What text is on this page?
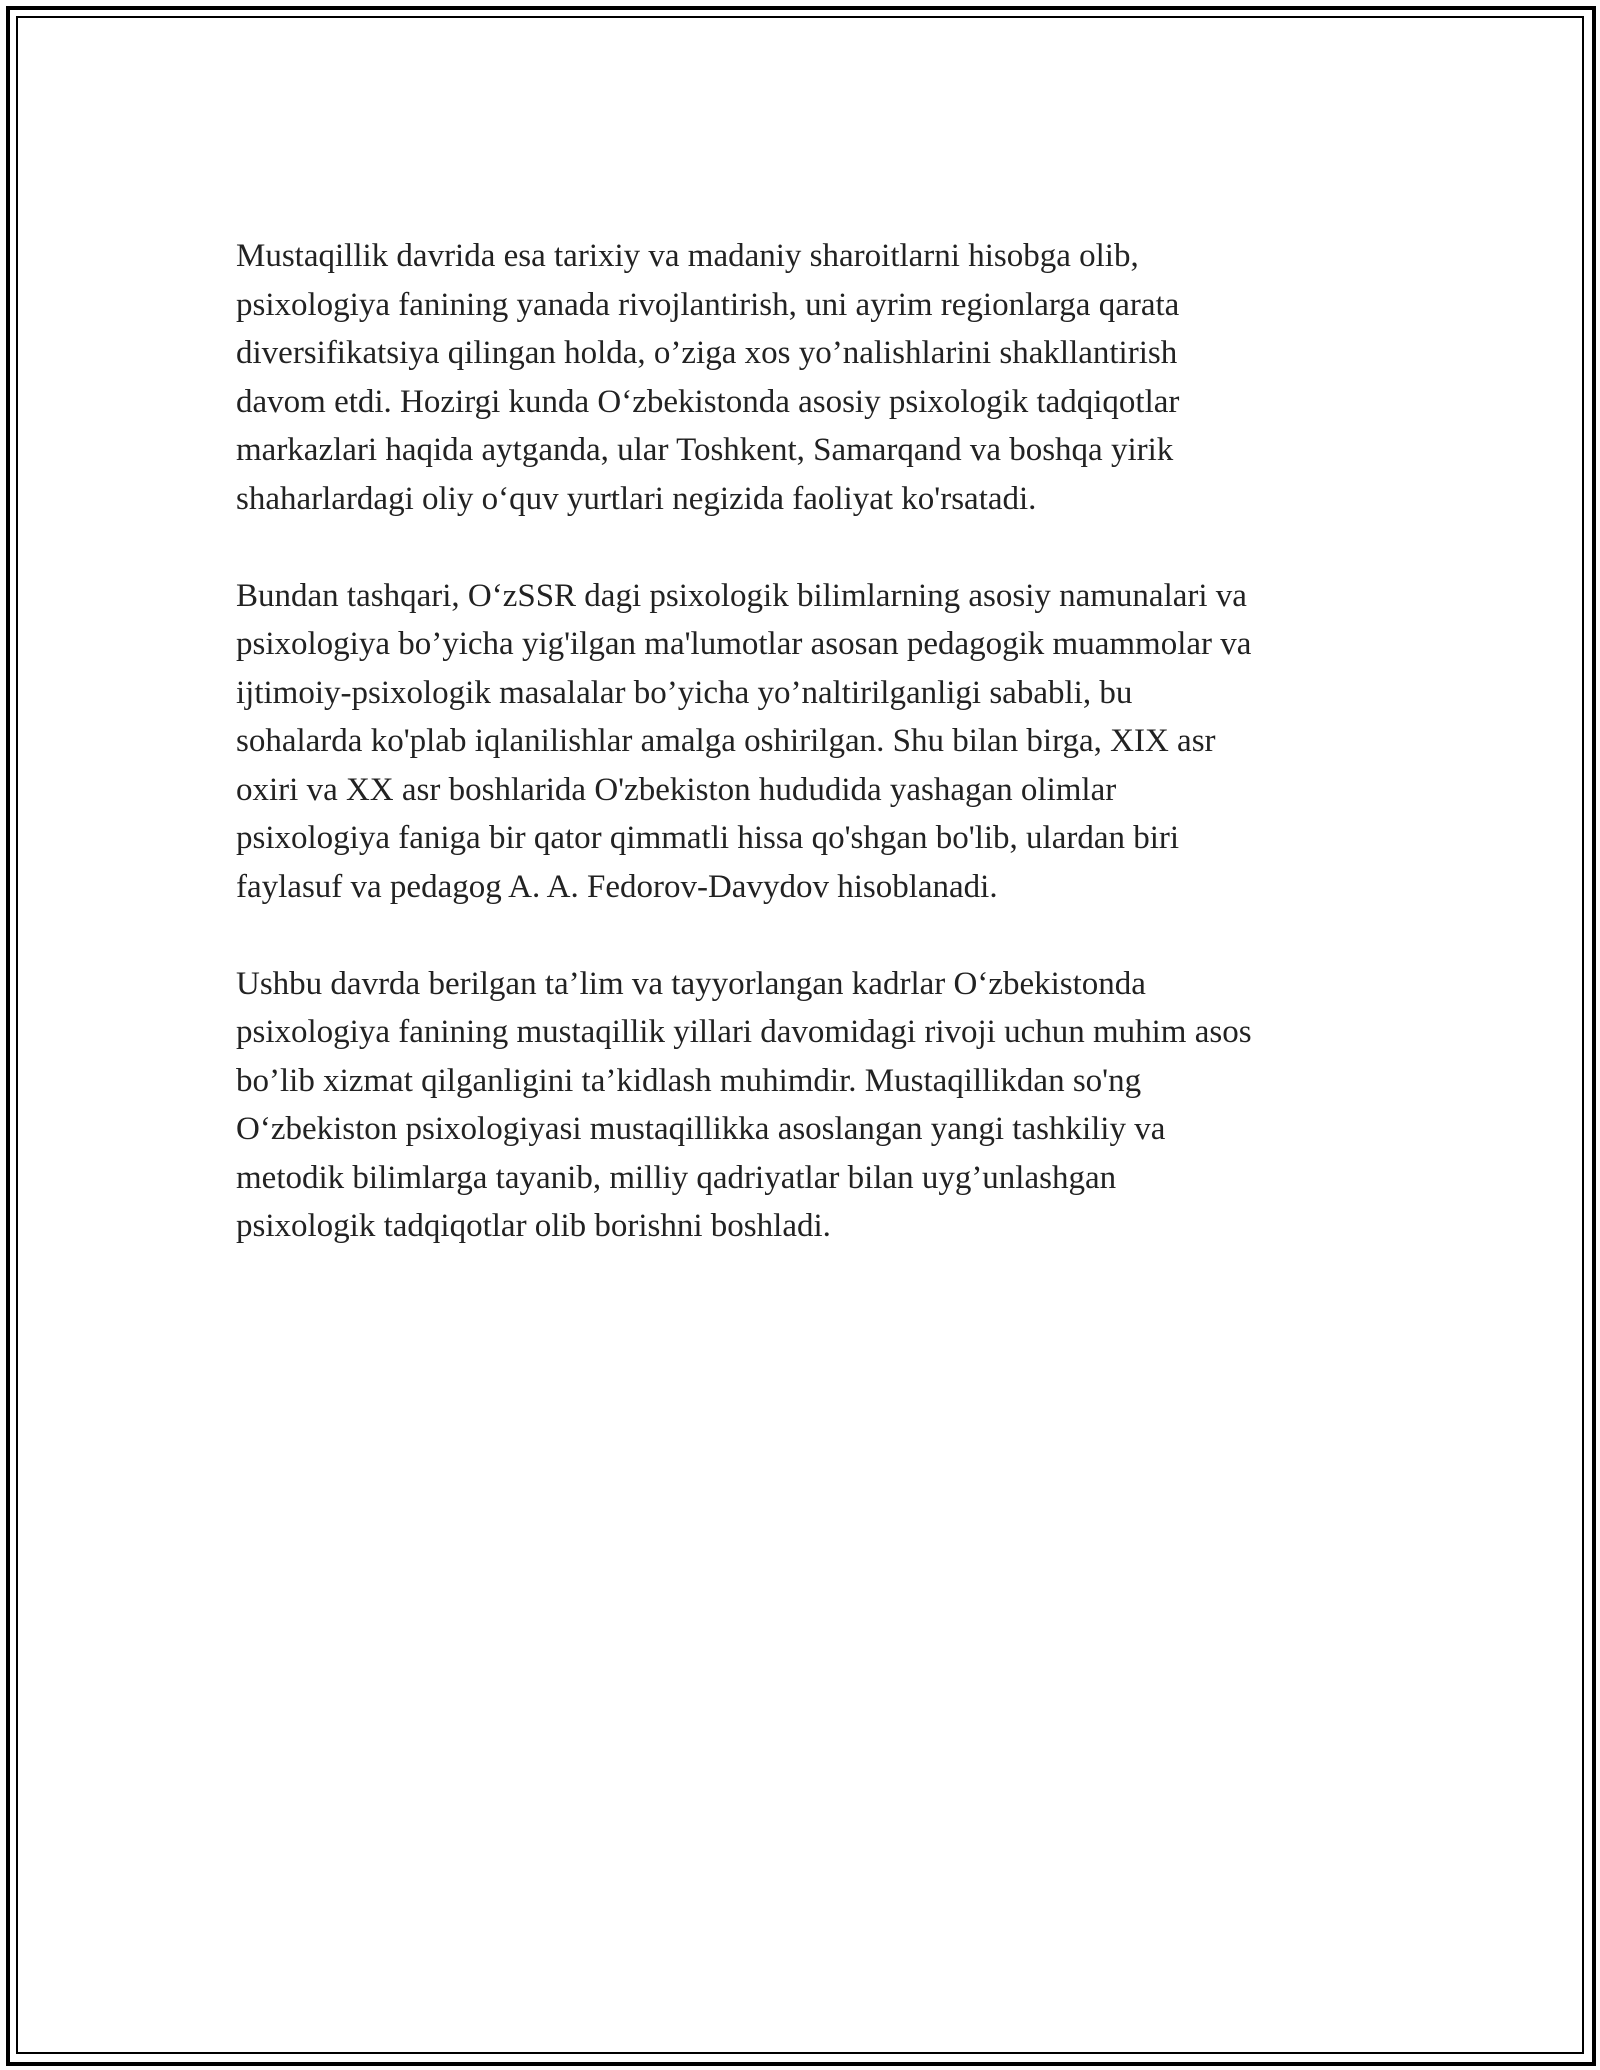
Mustaqillik davrida esa tarixiy va madaniy sharoitlarni hisobga olib,
psixologiya fanining yanada rivojlantirish, uni ayrim regionlarga qarata
diversifikatsiya qilingan holda, o’ziga xos yo’nalishlarini shakllantirish
davom etdi. Hozirgi kunda O‘zbekistonda asosiy psixologik tadqiqotlar
markazlari haqida aytganda, ular Toshkent, Samarqand va boshqa yirik
shaharlardagi oliy o‘quv yurtlari negizida faoliyat ko'rsatadi.

Bundan tashqari, O‘zSSR dagi psixologik bilimlarning asosiy namunalari va
psixologiya bo’yicha yig'ilgan ma'lumotlar asosan pedagogik muammolar va
ijtimoiy-psixologik masalalar bo’yicha yo’naltirilganligi sababli, bu
sohalarda ko'plab iqlanilishlar amalga oshirilgan. Shu bilan birga, XIX asr
oxiri va XX asr boshlarida O'zbekiston hududida yashagan olimlar
psixologiya faniga bir qator qimmatli hissa qo'shgan bo'lib, ulardan biri
faylasuf va pedagog A. A. Fedorov-Davydov hisoblanadi.

Ushbu davrda berilgan ta’lim va tayyorlangan kadrlar O‘zbekistonda
psixologiya fanining mustaqillik yillari davomidagi rivoji uchun muhim asos
bo’lib xizmat qilganligini ta’kidlash muhimdir. Mustaqillikdan so'ng
O‘zbekiston psixologiyasi mustaqillikka asoslangan yangi tashkiliy va
metodik bilimlarga tayanib, milliy qadriyatlar bilan uyg’unlashgan
psixologik tadqiqotlar olib borishni boshladi.
